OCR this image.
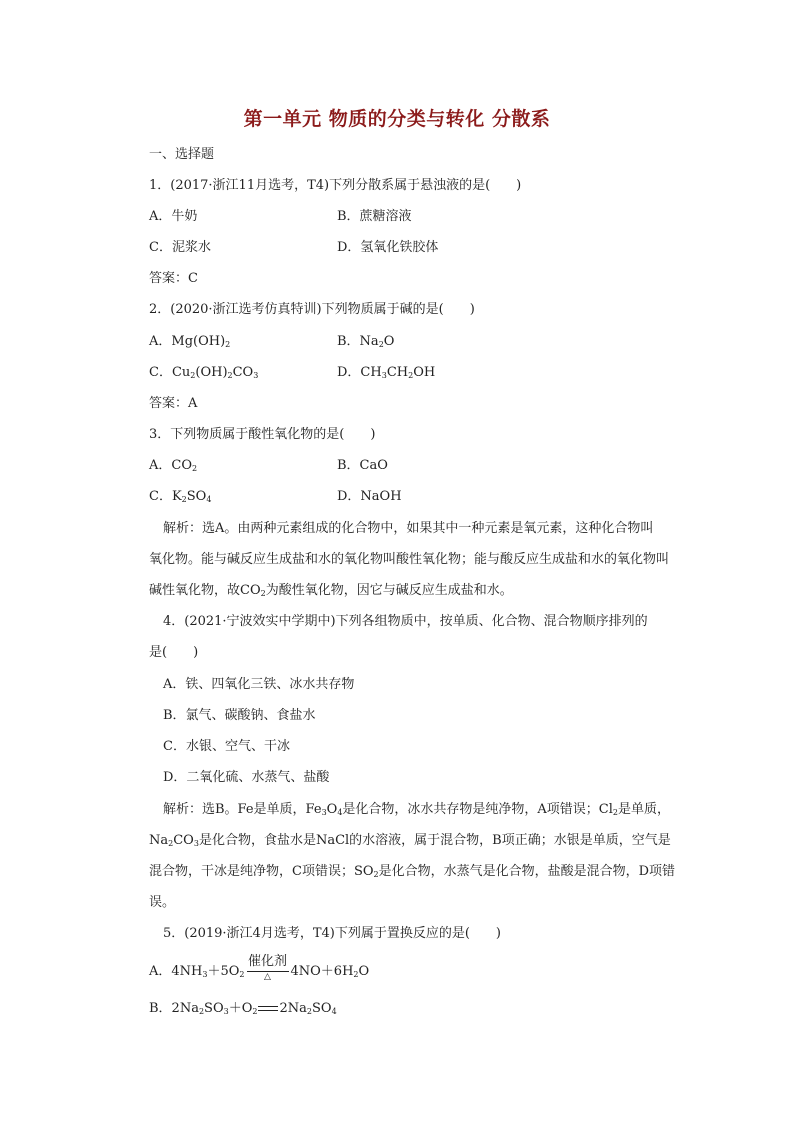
第一单元 物质的分类与转化 分散系
一、选择题
1．(2017·浙江11月选考，T4)下列分散系属于悬浊液的是(　　)
A．牛奶	B．蔗糖溶液
C．泥浆水	D．氢氧化铁胶体
答案：C
2．(2020·浙江选考仿真特训)下列物质属于碱的是(　　)
A．$Mg(OH)_2$	B．$Na_2O$
C．$Cu_2(OH)_2CO_3$	D．$CH_3CH_2OH$
答案：A
3．下列物质属于酸性氧化物的是(　　)
A．$CO_2$	B．CaO
C．$K_2SO_4$	D．NaOH
解析：选A。由两种元素组成的化合物中，如果其中一种元素是氧元素，这种化合物叫
氧化物。能与碱反应生成盐和水的氧化物叫酸性氧化物；能与酸反应生成盐和水的氧化物叫
碱性氧化物，故$CO_2$为酸性氧化物，因它与碱反应生成盐和水。
4．(2021·宁波效实中学期中)下列各组物质中，按单质、化合物、混合物顺序排列的
是(　　)
A．铁、四氧化三铁、冰水共存物
B．氯气、碳酸钠、食盐水
C．水银、空气、干冰
D．二氧化硫、水蒸气、盐酸
解析：选B。Fe是单质，$Fe_3O_4$是化合物，冰水共存物是纯净物，A项错误；$Cl_2$是单质，
$Na_2CO_3$是化合物，食盐水是NaCl的水溶液，属于混合物，B项正确；水银是单质，空气是
混合物，干冰是纯净物，C项错误；$SO_2$是化合物，水蒸气是化合物，盐酸是混合物，D项错
误。
5．(2019·浙江4月选考，T4)下列属于置换反应的是(　　)
A．$4NH_3+5O_2$
催化剂
△	$4NO+6H_2O$
B．$2Na_2SO_3+O_2$ $2Na_2SO_4$
